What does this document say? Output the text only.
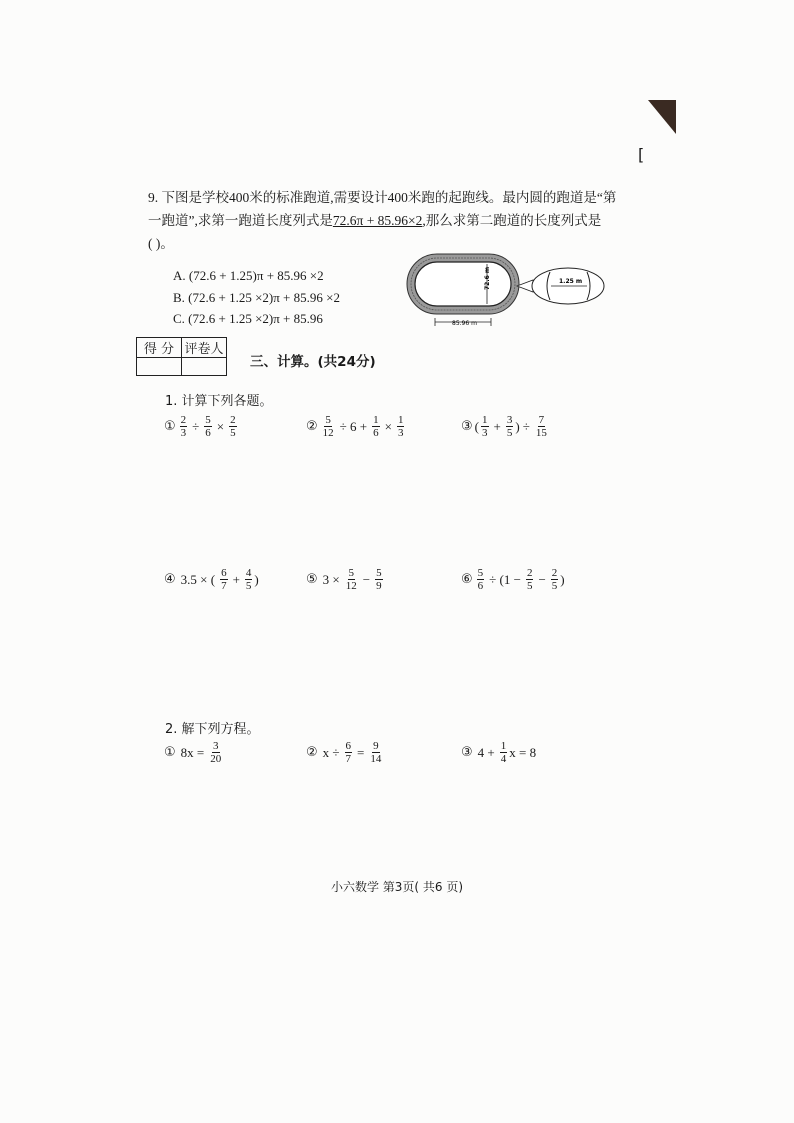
[
9. 下图是学校400米的标准跑道,需要设计400米跑的起跑线。最内圆的跑道是“第
一跑道”,求第一跑道长度列式是72.6π + 85.96×2,那么求第二跑道的长度列式是
( )。
A. (72.6 + 1.25)π + 85.96 ×2
B. (72.6 + 1.25 ×2)π + 85.96 ×2
C. (72.6 + 1.25 ×2)π + 85.96
72.6 m
85.96 m
1.25 m
得 分	评卷人

三、计算。(共24分)
1. 计算下列各题。
① $\frac{2}{3} \div \frac{5}{6} \times \frac{2}{5}$	② $\frac{5}{12} \div 6 + \frac{1}{6} \times \frac{1}{3}$	③ ( $\frac{1}{3} + \frac{3}{5}$ ) ÷ $\frac{7}{15}$
④ 3.5 × ( $\frac{6}{7} + \frac{4}{5}$ )	⑤ $3 \times \frac{5}{12} - \frac{5}{9}$	⑥ $\frac{5}{6} \div (1 - \frac{2}{5} - \frac{2}{5}$ )
2. 解下列方程。
① $8x = \frac{3}{20}$	② $x \div \frac{6}{7} = \frac{9}{14}$	③ $4 + \frac{1}{4}$ x = 8
小六数学 第3页( 共6 页)
